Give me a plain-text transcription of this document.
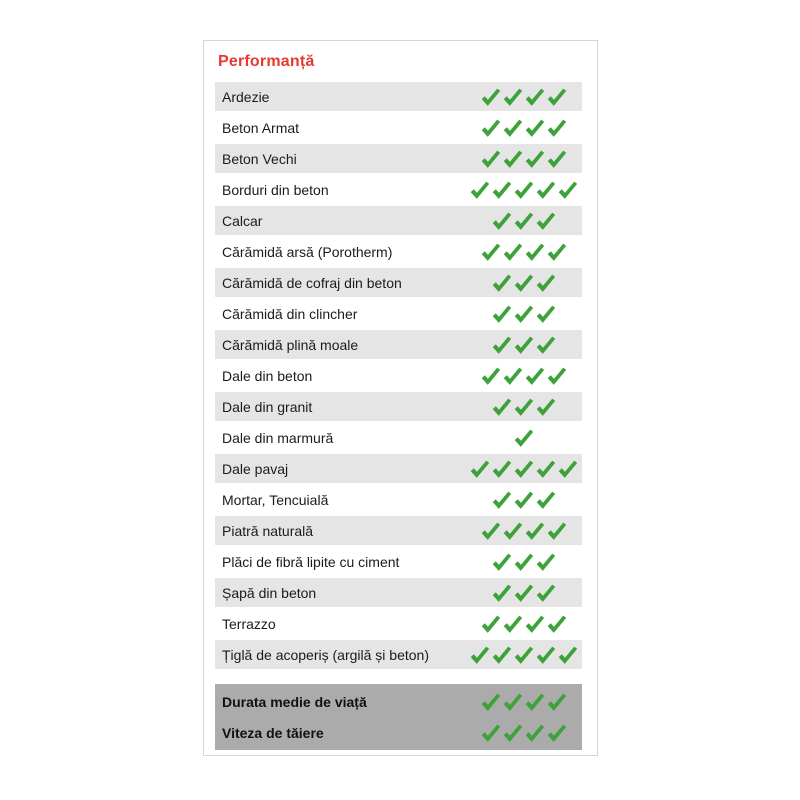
Performanță
Ardezie
Beton Armat
Beton Vechi
Borduri din beton
Calcar
Cărămidă arsă (Porotherm)
Cărămidă de cofraj din beton
Cărămidă din clincher
Cărămidă plină moale
Dale din beton
Dale din granit
Dale din marmură
Dale pavaj
Mortar, Tencuială
Piatră naturală
Plăci de fibră lipite cu ciment
Șapă din beton
Terrazzo
Țiglă de acoperiș (argilă și beton)
Durata medie de viață
Viteza de tăiere
